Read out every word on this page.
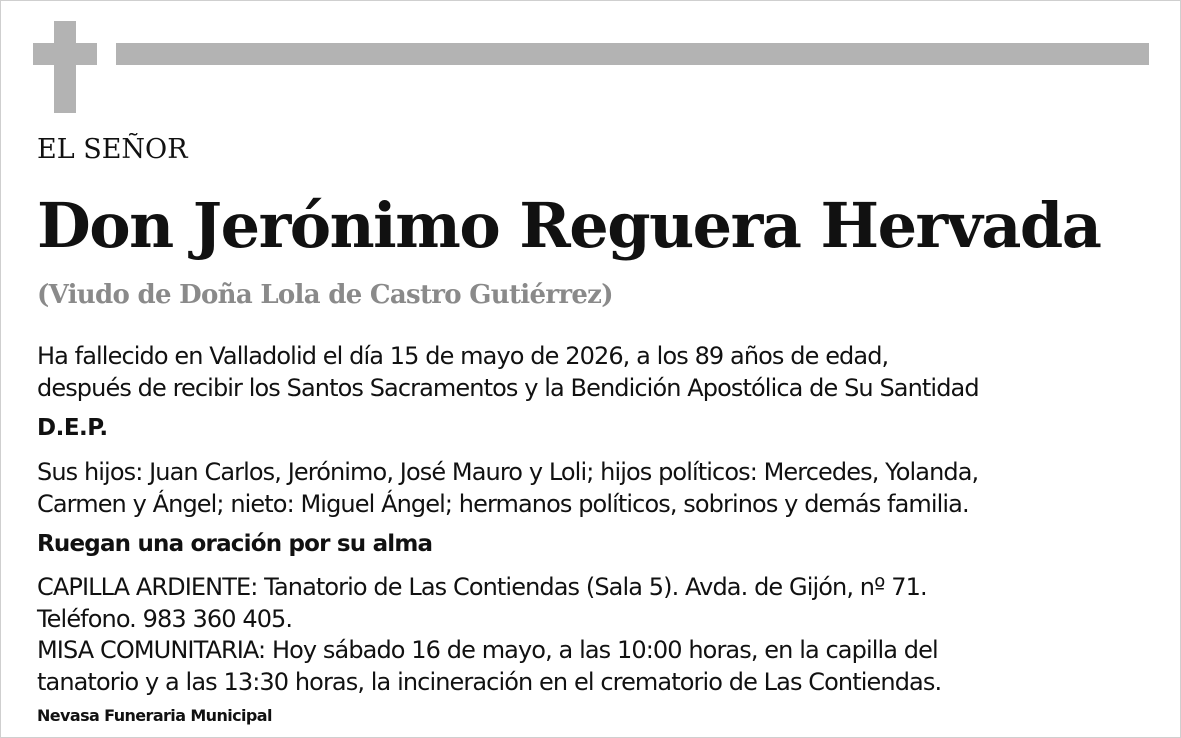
EL SEÑOR
Don Jerónimo Reguera Hervada
(Viudo de Doña Lola de Castro Gutiérrez)
Ha fallecido en Valladolid el día 15 de mayo de 2026, a los 89 años de edad,
después de recibir los Santos Sacramentos y la Bendición Apostólica de Su Santidad
D.E.P.
Sus hijos: Juan Carlos, Jerónimo, José Mauro y Loli; hijos políticos: Mercedes, Yolanda,
Carmen y Ángel; nieto: Miguel Ángel; hermanos políticos, sobrinos y demás familia.
Ruegan una oración por su alma
CAPILLA ARDIENTE: Tanatorio de Las Contiendas (Sala 5). Avda. de Gijón, nº 71.
Teléfono. 983 360 405.
MISA COMUNITARIA: Hoy sábado 16 de mayo, a las 10:00 horas, en la capilla del
tanatorio y a las 13:30 horas, la incineración en el crematorio de Las Contiendas.
Nevasa Funeraria Municipal
